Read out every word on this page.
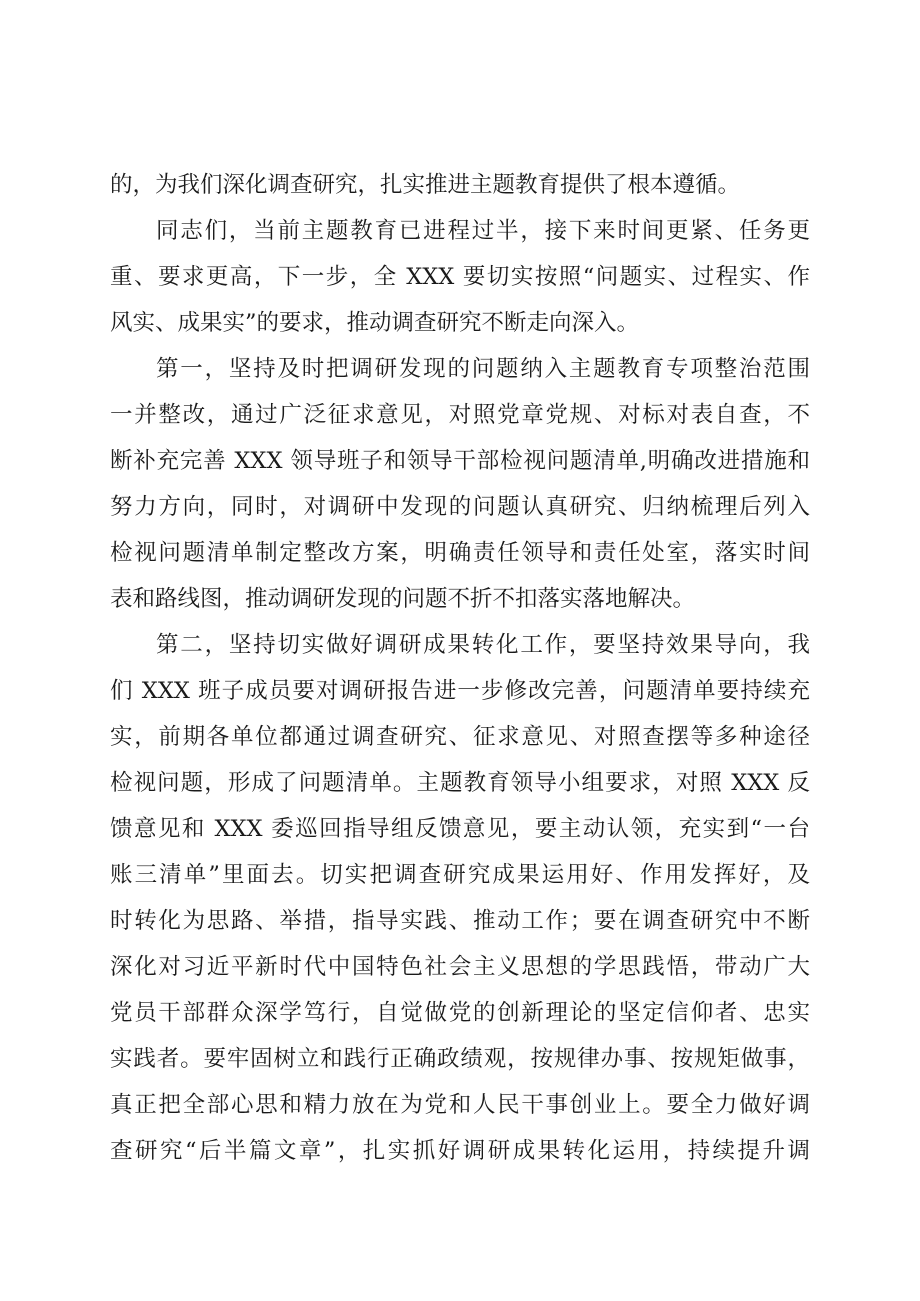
的，为我们深化调查研究，扎实推进主题教育提供了根本遵循。
同志们，当前主题教育已进程过半，接下来时间更紧、任务更
重、要求更高，下一步，全 XXX 要切实按照“问题实、过程实、作
风实、成果实”的要求，推动调查研究不断走向深入。
第一，坚持及时把调研发现的问题纳入主题教育专项整治范围
一并整改，通过广泛征求意见，对照党章党规、对标对表自查，不
断补充完善 XXX 领导班子和领导干部检视问题清单,明确改进措施和
努力方向，同时，对调研中发现的问题认真研究、归纳梳理后列入
检视问题清单制定整改方案，明确责任领导和责任处室，落实时间
表和路线图，推动调研发现的问题不折不扣落实落地解决。
第二，坚持切实做好调研成果转化工作，要坚持效果导向，我
们 XXX 班子成员要对调研报告进一步修改完善，问题清单要持续充
实，前期各单位都通过调查研究、征求意见、对照查摆等多种途径
检视问题，形成了问题清单。主题教育领导小组要求，对照 XXX 反
馈意见和 XXX 委巡回指导组反馈意见，要主动认领，充实到“一台
账三清单”里面去。切实把调查研究成果运用好、作用发挥好，及
时转化为思路、举措，指导实践、推动工作；要在调查研究中不断
深化对习近平新时代中国特色社会主义思想的学思践悟，带动广大
党员干部群众深学笃行，自觉做党的创新理论的坚定信仰者、忠实
实践者。要牢固树立和践行正确政绩观，按规律办事、按规矩做事，
真正把全部心思和精力放在为党和人民干事创业上。要全力做好调
查研究“后半篇文章”，扎实抓好调研成果转化运用，持续提升调
